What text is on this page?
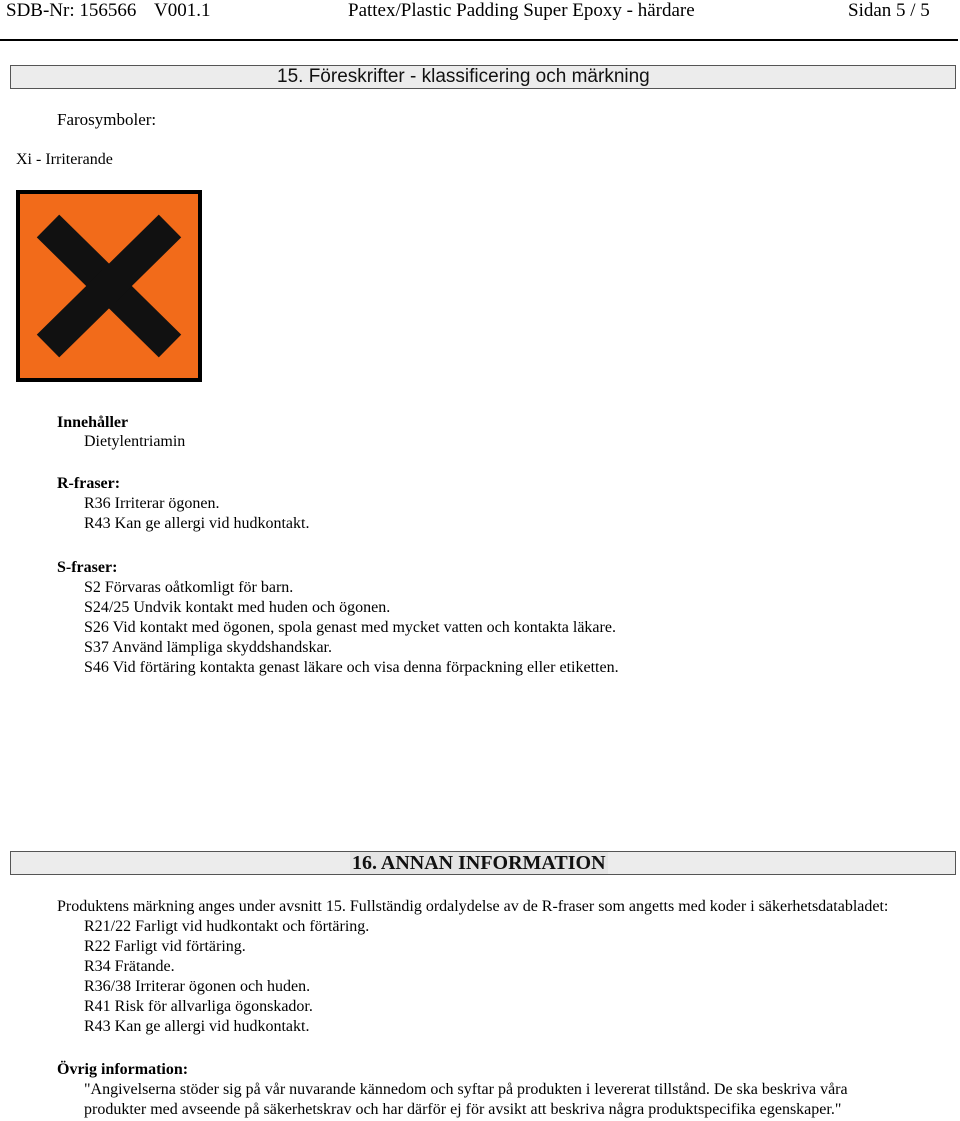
SDB-Nr: 156566 V001.1	Pattex/Plastic Padding Super Epoxy - härdare	Sidan 5 / 5
15. Föreskrifter - klassificering och märkning
Farosymboler:
Xi - Irriterande
Innehåller
Dietylentriamin
R-fraser:
R36 Irriterar ögonen.
R43 Kan ge allergi vid hudkontakt.
S-fraser:
S2 Förvaras oåtkomligt för barn.
S24/25 Undvik kontakt med huden och ögonen.
S26 Vid kontakt med ögonen, spola genast med mycket vatten och kontakta läkare.
S37 Använd lämpliga skyddshandskar.
S46 Vid förtäring kontakta genast läkare och visa denna förpackning eller etiketten.
16. ANNAN INFORMATION
Produktens märkning anges under avsnitt 15. Fullständig ordalydelse av de R-fraser som angetts med koder i säkerhetsdatabladet:
R21/22 Farligt vid hudkontakt och förtäring.
R22 Farligt vid förtäring.
R34 Frätande.
R36/38 Irriterar ögonen och huden.
R41 Risk för allvarliga ögonskador.
R43 Kan ge allergi vid hudkontakt.
Övrig information:
"Angivelserna stöder sig på vår nuvarande kännedom och syftar på produkten i levererat tillstånd. De ska beskriva våra
produkter med avseende på säkerhetskrav och har därför ej för avsikt att beskriva några produktspecifika egenskaper."
